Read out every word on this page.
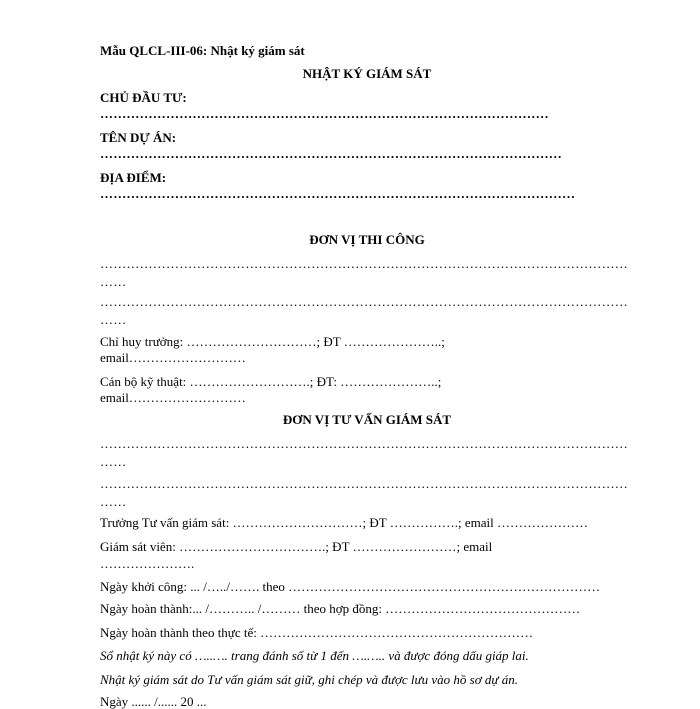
Mẫu QLCL-III-06: Nhật ký giám sát
NHẬT KÝ GIÁM SÁT
CHỦ ĐẦU TƯ:
…………………………………………………………………………………………
TÊN DỰ ÁN:
……………………………………………………………………………………………
ĐỊA ĐIỂM:
………………………………………………………………………………………………
ĐƠN VỊ THI CÔNG
…………………………………………………………………………………………………………
……
…………………………………………………………………………………………………………
……
Chỉ huy trưởng: …………………………; ĐT …………………..;
email………………………
Cán bộ kỹ thuật: ……………………….; ĐT: …………………..;
email………………………
ĐƠN VỊ TƯ VẤN GIÁM SÁT
…………………………………………………………………………………………………………
……
…………………………………………………………………………………………………………
……
Trưởng Tư vấn giám sát: …………………………; ĐT …………….; email …………………
Giám sát viên: …………………………….; ĐT ……………………; email
………………….
Ngày khởi công: ... /…../……. theo ………………………………………………………………
Ngày hoàn thành:... /……….. /……… theo hợp đồng: ………………………………………
Ngày hoàn thành theo thực tế: ………………………………………………………
Sổ nhật ký này có …..…. trang đánh số từ 1 đến ….….. và được đóng dấu giáp lai.
Nhật ký giám sát do Tư vấn giám sát giữ, ghi chép và được lưu vào hồ sơ dự án.
Ngày ...... /...... 20 ...
